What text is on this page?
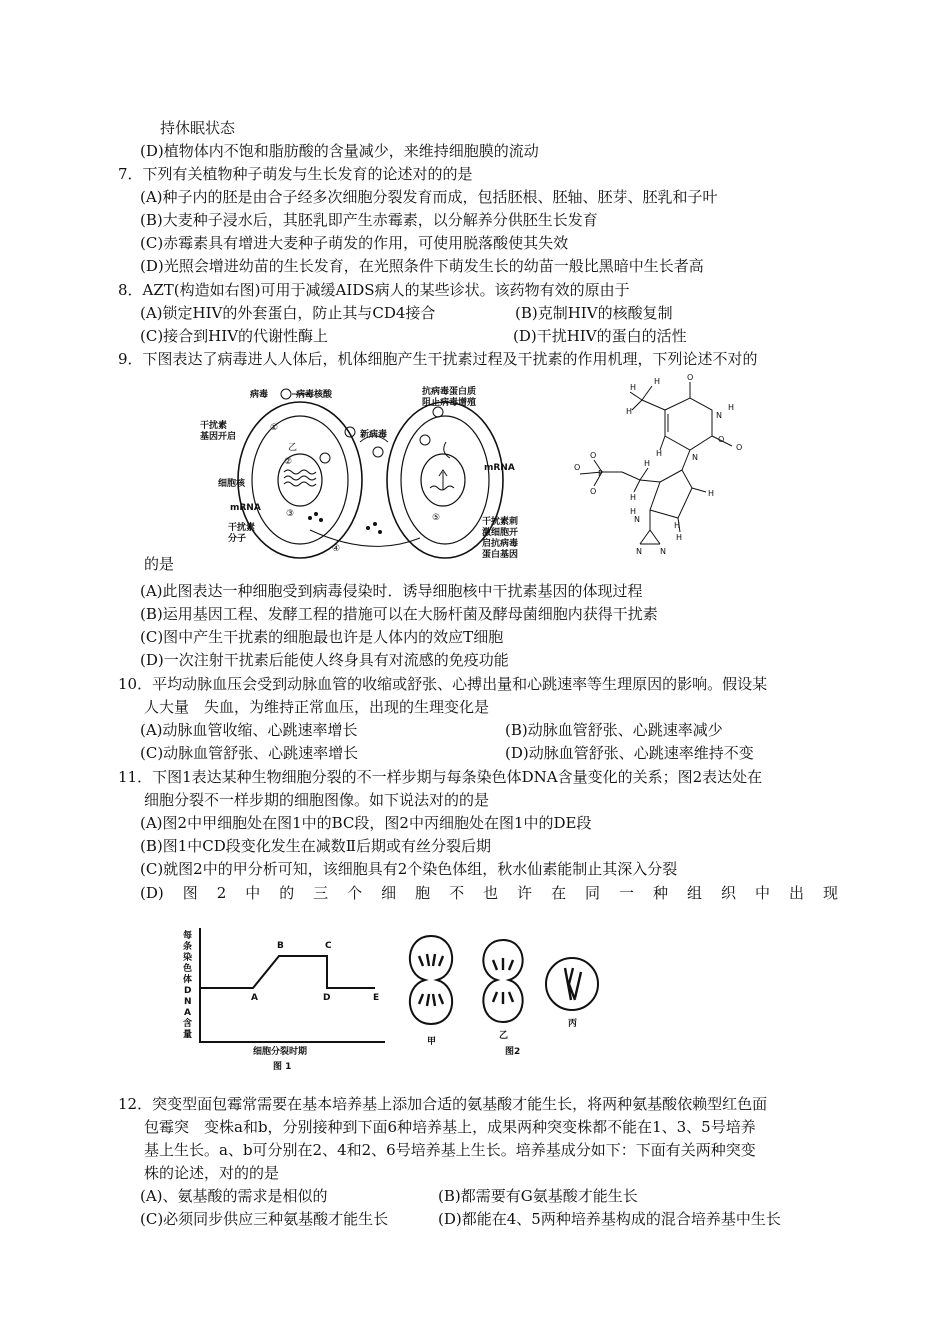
持休眠状态
(D)植物体内不饱和脂肪酸的含量减少，来维持细胞膜的流动
7．下列有关植物种子萌发与生长发育的论述对的的是
(A)种子内的胚是由合子经多次细胞分裂发育而成，包括胚根、胚轴、胚芽、胚乳和子叶
(B)大麦种子浸水后，其胚乳即产生赤霉素，以分解养分供胚生长发育
(C)赤霉素具有增进大麦种子萌发的作用，可使用脱落酸使其失效
(D)光照会增进幼苗的生长发育，在光照条件下萌发生长的幼苗一般比黑暗中生长者高
8．AZT(构造如右图)可用于减缓AIDS病人的某些诊状。该药物有效的原由于
(A)锁定HIV的外套蛋白，防止其与CD4接合	(B)克制HIV的核酸复制
(C)接合到HIV的代谢性酶上	(D)干扰HIV的蛋白的活性
9．下图表达了病毒进人人体后，机体细胞产生干扰素过程及干扰素的作用机理，下列论述不对的
病毒	病毒核酸
①
干扰素
基因开启
乙
②
细胞核
mRNA
③
干扰素
分子
④
新病毒
抗病毒蛋白质
阻止病毒增殖
mRNA
⑤	干扰素刺
激细胞开
启抗病毒
蛋白基因
H
H
H
O
N
H
O
H	N
O
O
P
O
O
H
H
H
H
N
H
H
N N
的是
(A)此图表达一种细胞受到病毒侵染时．诱导细胞核中干扰素基因的体现过程
(B)运用基因工程、发酵工程的措施可以在大肠杆菌及酵母菌细胞内获得干扰素
(C)图中产生干扰素的细胞最也许是人体内的效应T细胞
(D)一次注射干扰素后能使人终身具有对流感的免疫功能
10．平均动脉血压会受到动脉血管的收缩或舒张、心搏出量和心跳速率等生理原因的影响。假设某
人大量　失血，为维持正常血压，出现的生理变化是
(A)动脉血管收缩、心跳速率增长	(B)动脉血管舒张、心跳速率减少
(C)动脉血管舒张、心跳速率增长	(D)动脉血管舒张、心跳速率维持不变
11．下图1表达某种生物细胞分裂的不一样步期与每条染色体DNA含量变化的关系；图2表达处在
细胞分裂不一样步期的细胞图像。如下说法对的的是
(A)图2中甲细胞处在图1中的BC段，图2中丙细胞处在图1中的DE段
(B)图1中CD段变化发生在减数Ⅱ后期或有丝分裂后期
(C)就图2中的甲分析可知，该细胞具有2个染色体组，秋水仙素能制止其深入分裂
(D) 图 2 中 的 三 个 细 胞 不 也 许 在 同 一 种 组 织 中 出 现
每
条
染
色
体
D
N
A
含
量
A
B	C
D	E
细胞分裂时期
图 1
甲
乙
丙
图2
12．突变型面包霉常需要在基本培养基上添加合适的氨基酸才能生长，将两种氨基酸依赖型红色面
包霉突　变株a和b，分别接种到下面6种培养基上，成果两种突变株都不能在1、3、5号培养
基上生长。a、b可分别在2、4和2、6号培养基上生长。培养基成分如下：下面有关两种突变
株的论述，对的的是
(A)、氨基酸的需求是相似的	(B)都需要有G氨基酸才能生长
(C)必须同步供应三种氨基酸才能生长	(D)都能在4、5两种培养基构成的混合培养基中生长
